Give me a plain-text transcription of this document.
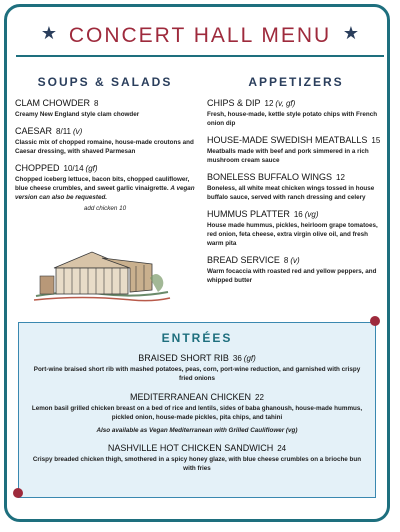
★ CONCERT HALL MENU ★
SOUPS & SALADS
CLAM CHOWDER 8
Creamy New England style clam chowder
CAESAR 8/11 (v)
Classic mix of chopped romaine, house-made croutons and Caesar dressing, with shaved Parmesan
CHOPPED 10/14 (gf)
Chopped iceberg lettuce, bacon bits, chopped cauliflower, blue cheese crumbles, and sweet garlic vinaigrette. A vegan version can also be requested.
add chicken 10
APPETIZERS
CHIPS & DIP 12 (v, gf)
Fresh, house-made, kettle style potato chips with French onion dip
HOUSE-MADE SWEDISH MEATBALLS 15
Meatballs made with beef and pork simmered in a rich mushroom cream sauce
BONELESS BUFFALO WINGS 12
Boneless, all white meat chicken wings tossed in house buffalo sauce, served with ranch dressing and celery
HUMMUS PLATTER 16 (vg)
House made hummus, pickles, heirloom grape tomatoes, red onion, feta cheese, extra virgin olive oil, and fresh warm pita
BREAD SERVICE 8 (v)
Warm focaccia with roasted red and yellow peppers, and whipped butter
ENTRÉES
BRAISED SHORT RIB 36 (gf)
Port-wine braised short rib with mashed potatoes, peas, corn, port-wine reduction, and garnished with crispy fried onions
MEDITERRANEAN CHICKEN 22
Lemon basil grilled chicken breast on a bed of rice and lentils, sides of baba ghanoush, house-made hummus, pickled onion, house-made pickles, pita chips, and tahini
Also available as Vegan Mediterranean with Grilled Cauliflower (vg)
NASHVILLE HOT CHICKEN SANDWICH 24
Crispy breaded chicken thigh, smothered in a spicy honey glaze, with blue cheese crumbles on a brioche bun with fries
